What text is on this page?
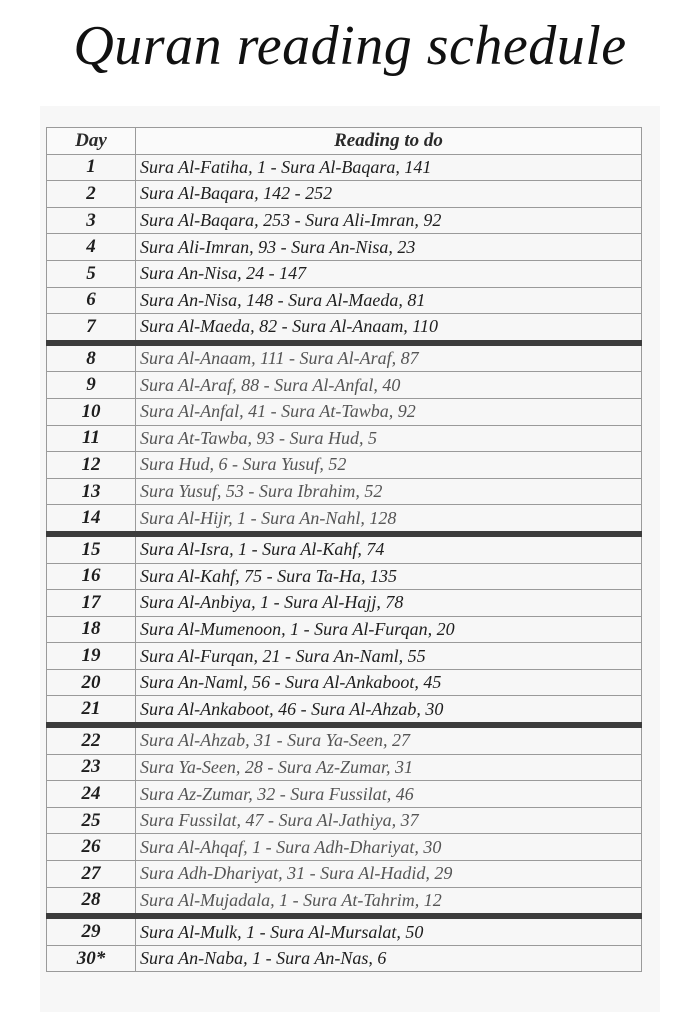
Quran reading schedule
Day	Reading to do
1	Sura Al-Fatiha, 1 - Sura Al-Baqara, 141
2	Sura Al-Baqara, 142 - 252
3	Sura Al-Baqara, 253 - Sura Ali-Imran, 92
4	Sura Ali-Imran, 93 - Sura An-Nisa, 23
5	Sura An-Nisa, 24 - 147
6	Sura An-Nisa, 148 - Sura Al-Maeda, 81
7	Sura Al-Maeda, 82 - Sura Al-Anaam, 110
8	Sura Al-Anaam, 111 - Sura Al-Araf, 87
9	Sura Al-Araf, 88 - Sura Al-Anfal, 40
10	Sura Al-Anfal, 41 - Sura At-Tawba, 92
11	Sura At-Tawba, 93 - Sura Hud, 5
12	Sura Hud, 6 - Sura Yusuf, 52
13	Sura Yusuf, 53 - Sura Ibrahim, 52
14	Sura Al-Hijr, 1 - Sura An-Nahl, 128
15	Sura Al-Isra, 1 - Sura Al-Kahf, 74
16	Sura Al-Kahf, 75 - Sura Ta-Ha, 135
17	Sura Al-Anbiya, 1 - Sura Al-Hajj, 78
18	Sura Al-Mumenoon, 1 - Sura Al-Furqan, 20
19	Sura Al-Furqan, 21 - Sura An-Naml, 55
20	Sura An-Naml, 56 - Sura Al-Ankaboot, 45
21	Sura Al-Ankaboot, 46 - Sura Al-Ahzab, 30
22	Sura Al-Ahzab, 31 - Sura Ya-Seen, 27
23	Sura Ya-Seen, 28 - Sura Az-Zumar, 31
24	Sura Az-Zumar, 32 - Sura Fussilat, 46
25	Sura Fussilat, 47 - Sura Al-Jathiya, 37
26	Sura Al-Ahqaf, 1 - Sura Adh-Dhariyat, 30
27	Sura Adh-Dhariyat, 31 - Sura Al-Hadid, 29
28	Sura Al-Mujadala, 1 - Sura At-Tahrim, 12
29	Sura Al-Mulk, 1 - Sura Al-Mursalat, 50
30*	Sura An-Naba, 1 - Sura An-Nas, 6
